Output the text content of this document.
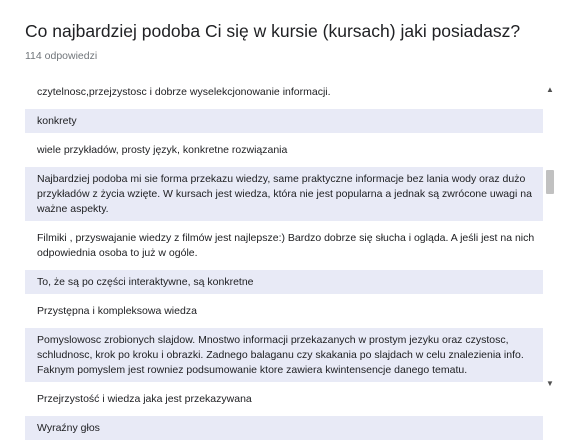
Co najbardziej podoba Ci się w kursie (kursach) jaki posiadasz?
114 odpowiedzi
czytelnosc,przejzystosc i dobrze wyselekcjonowanie informacji.
konkrety
wiele przykładów, prosty język, konkretne rozwiązania
Najbardziej podoba mi sie forma przekazu wiedzy, same praktyczne informacje bez lania wody oraz dużo przykładów z życia wzięte. W kursach jest wiedza, która nie jest popularna a jednak są zwrócone uwagi na ważne aspekty.
Filmiki , przyswajanie wiedzy z filmów jest najlepsze:) Bardzo dobrze się słucha i ogląda. A jeśli jest na nich odpowiednia osoba to już w ogóle.
To, że są po części interaktywne, są konkretne
Przystępna i kompleksowa wiedza
Pomyslowosc zrobionych slajdow. Mnostwo informacji przekazanych w prostym jezyku oraz czystosc, schludnosc, krok po kroku i obrazki. Zadnego balaganu czy skakania po slajdach w celu znalezienia info. Faknym pomyslem jest rowniez podsumowanie ktore zawiera kwintensencje danego tematu.
Przejrzystość i wiedza jaka jest przekazywana
Wyraźny głos
▲
▼
